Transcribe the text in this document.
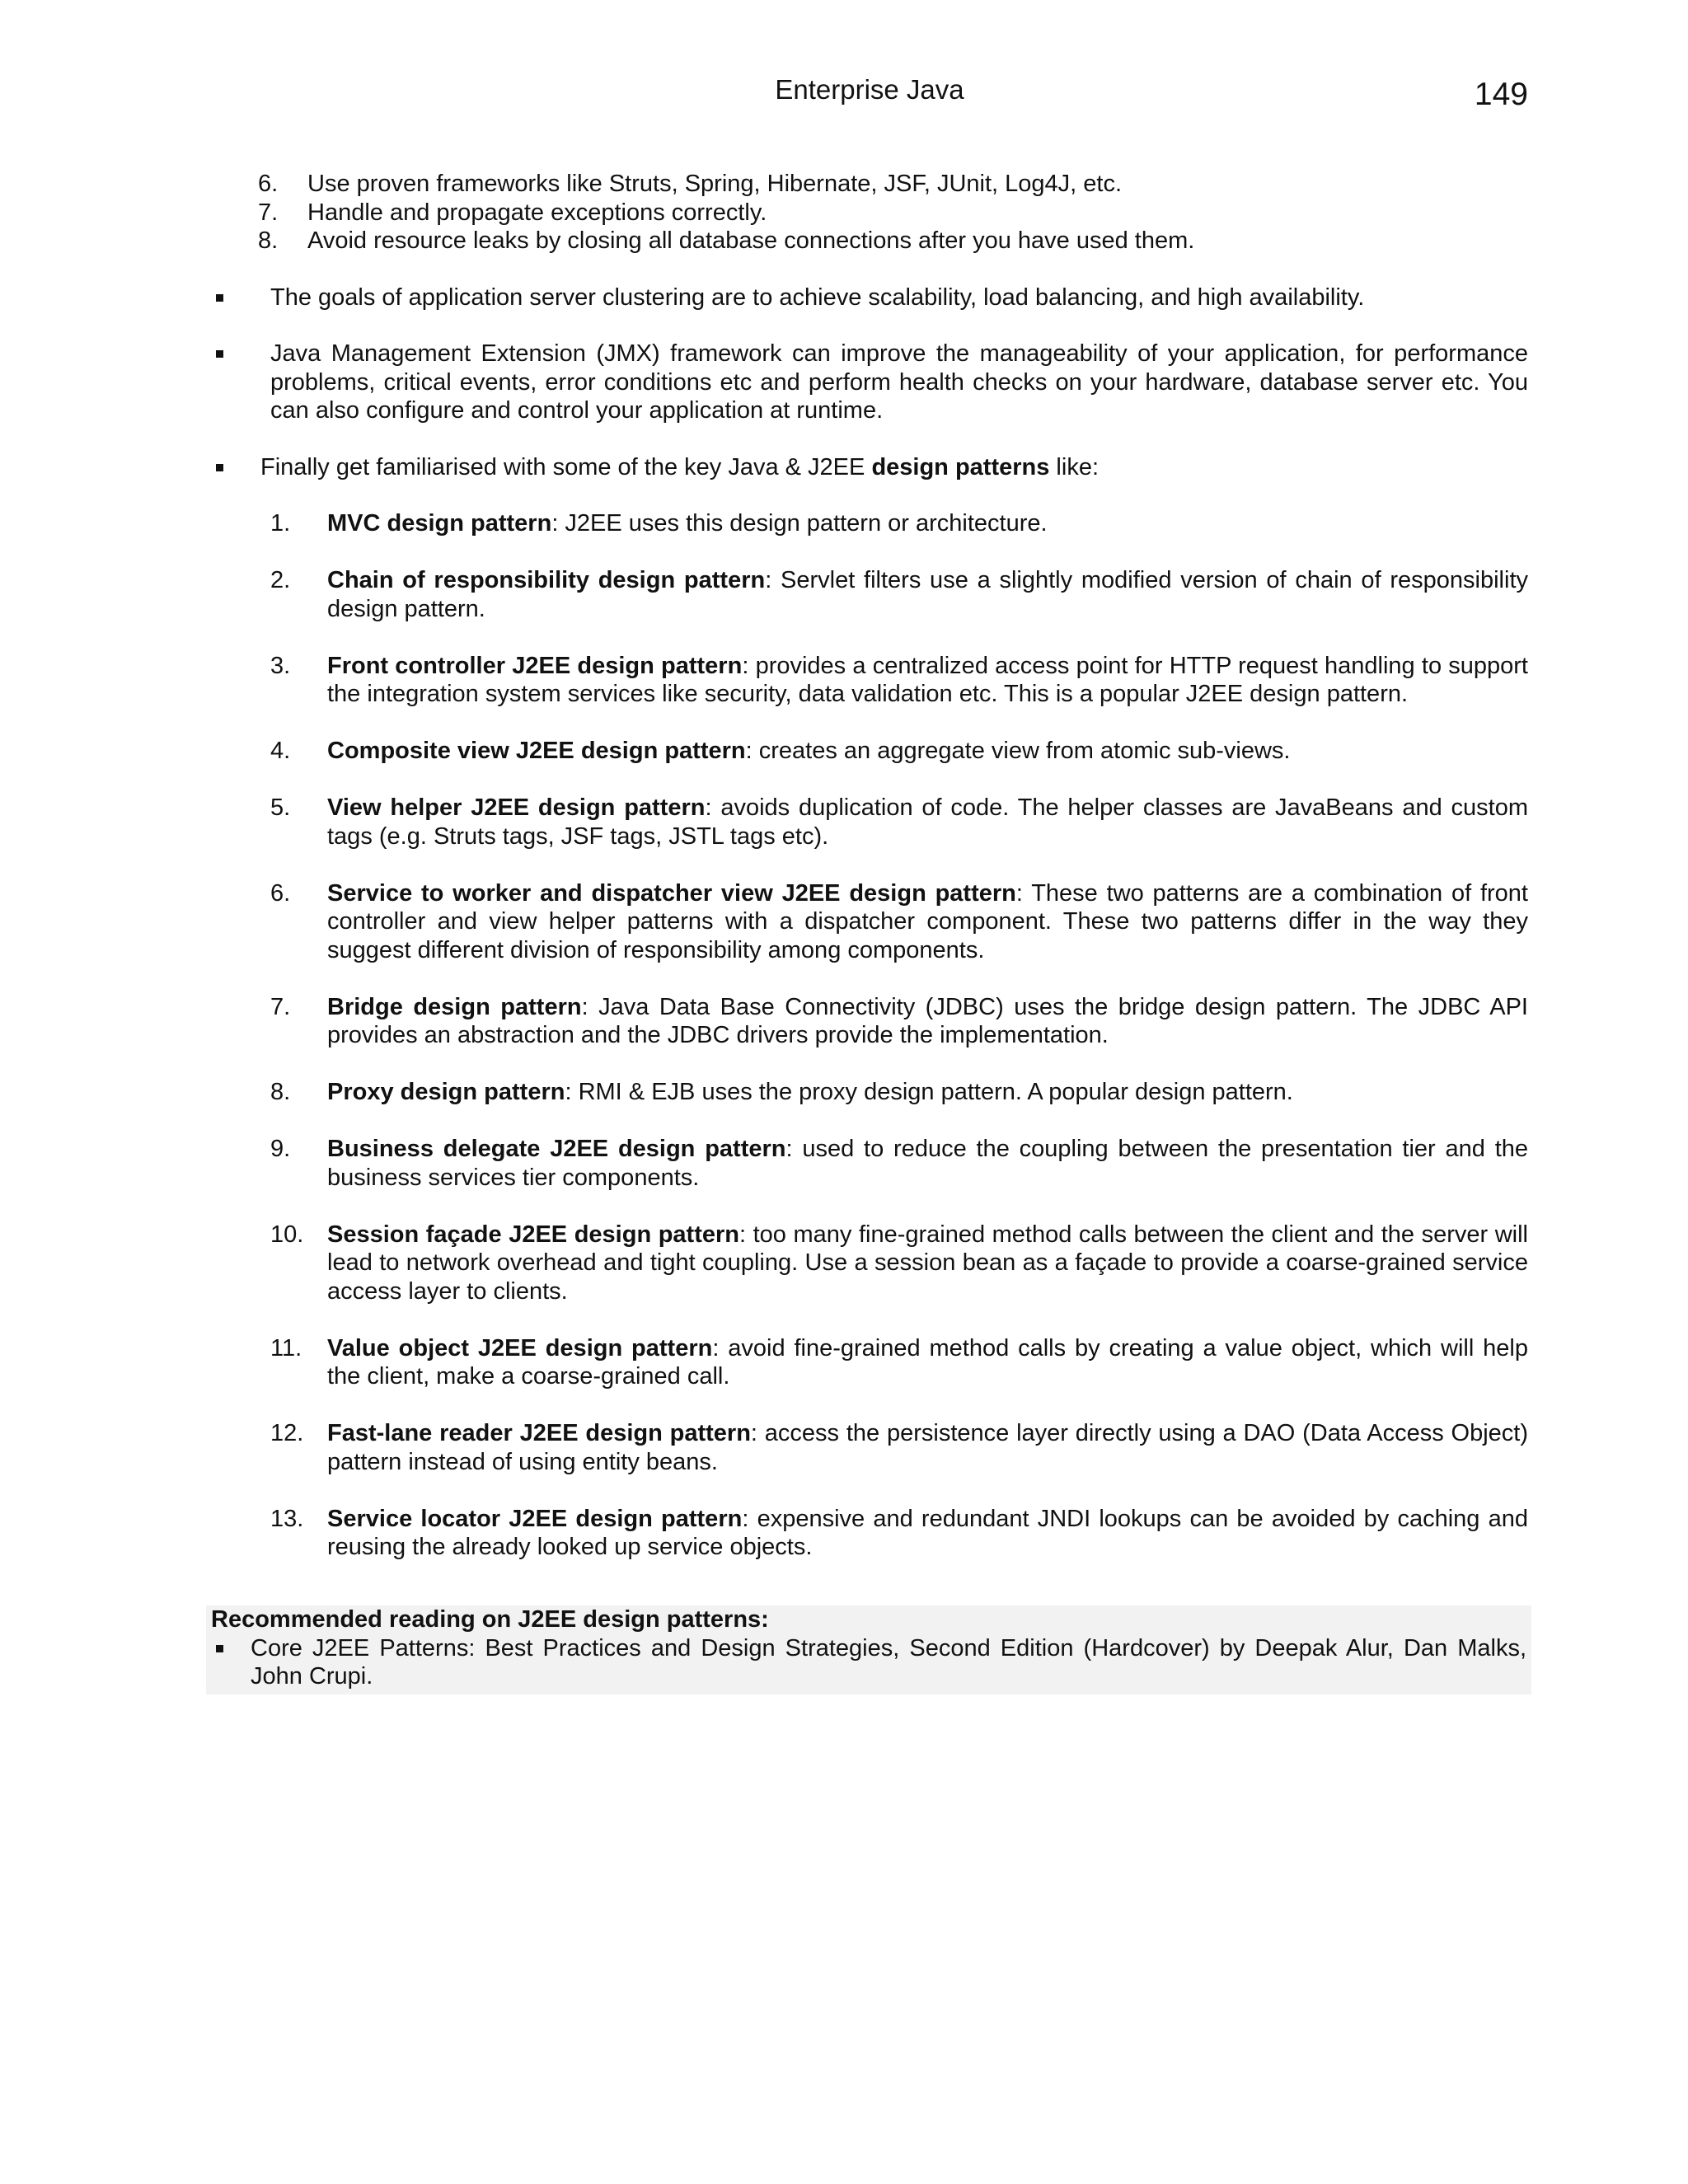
Enterprise Java	149
6. Use proven frameworks like Struts, Spring, Hibernate, JSF, JUnit, Log4J, etc.
7. Handle and propagate exceptions correctly.
8. Avoid resource leaks by closing all database connections after you have used them.
The goals of application server clustering are to achieve scalability, load balancing, and high availability.
Java Management Extension (JMX) framework can improve the manageability of your application, for performance problems, critical events, error conditions etc and perform health checks on your hardware, database server etc. You can also configure and control your application at runtime.
Finally get familiarised with some of the key Java & J2EE design patterns like:
1. MVC design pattern: J2EE uses this design pattern or architecture.
2. Chain of responsibility design pattern: Servlet filters use a slightly modified version of chain of responsibility design pattern.
3. Front controller J2EE design pattern: provides a centralized access point for HTTP request handling to support the integration system services like security, data validation etc. This is a popular J2EE design pattern.
4. Composite view J2EE design pattern: creates an aggregate view from atomic sub-views.
5. View helper J2EE design pattern: avoids duplication of code. The helper classes are JavaBeans and custom tags (e.g. Struts tags, JSF tags, JSTL tags etc).
6. Service to worker and dispatcher view J2EE design pattern: These two patterns are a combination of front controller and view helper patterns with a dispatcher component. These two patterns differ in the way they suggest different division of responsibility among components.
7. Bridge design pattern: Java Data Base Connectivity (JDBC) uses the bridge design pattern. The JDBC API provides an abstraction and the JDBC drivers provide the implementation.
8. Proxy design pattern: RMI & EJB uses the proxy design pattern. A popular design pattern.
9. Business delegate J2EE design pattern: used to reduce the coupling between the presentation tier and the business services tier components.
10. Session façade J2EE design pattern: too many fine-grained method calls between the client and the server will lead to network overhead and tight coupling. Use a session bean as a façade to provide a coarse-grained service access layer to clients.
11. Value object J2EE design pattern: avoid fine-grained method calls by creating a value object, which will help the client, make a coarse-grained call.
12. Fast-lane reader J2EE design pattern: access the persistence layer directly using a DAO (Data Access Object) pattern instead of using entity beans.
13. Service locator J2EE design pattern: expensive and redundant JNDI lookups can be avoided by caching and reusing the already looked up service objects.
Recommended reading on J2EE design patterns:
Core J2EE Patterns: Best Practices and Design Strategies, Second Edition (Hardcover) by Deepak Alur, Dan Malks, John Crupi.
